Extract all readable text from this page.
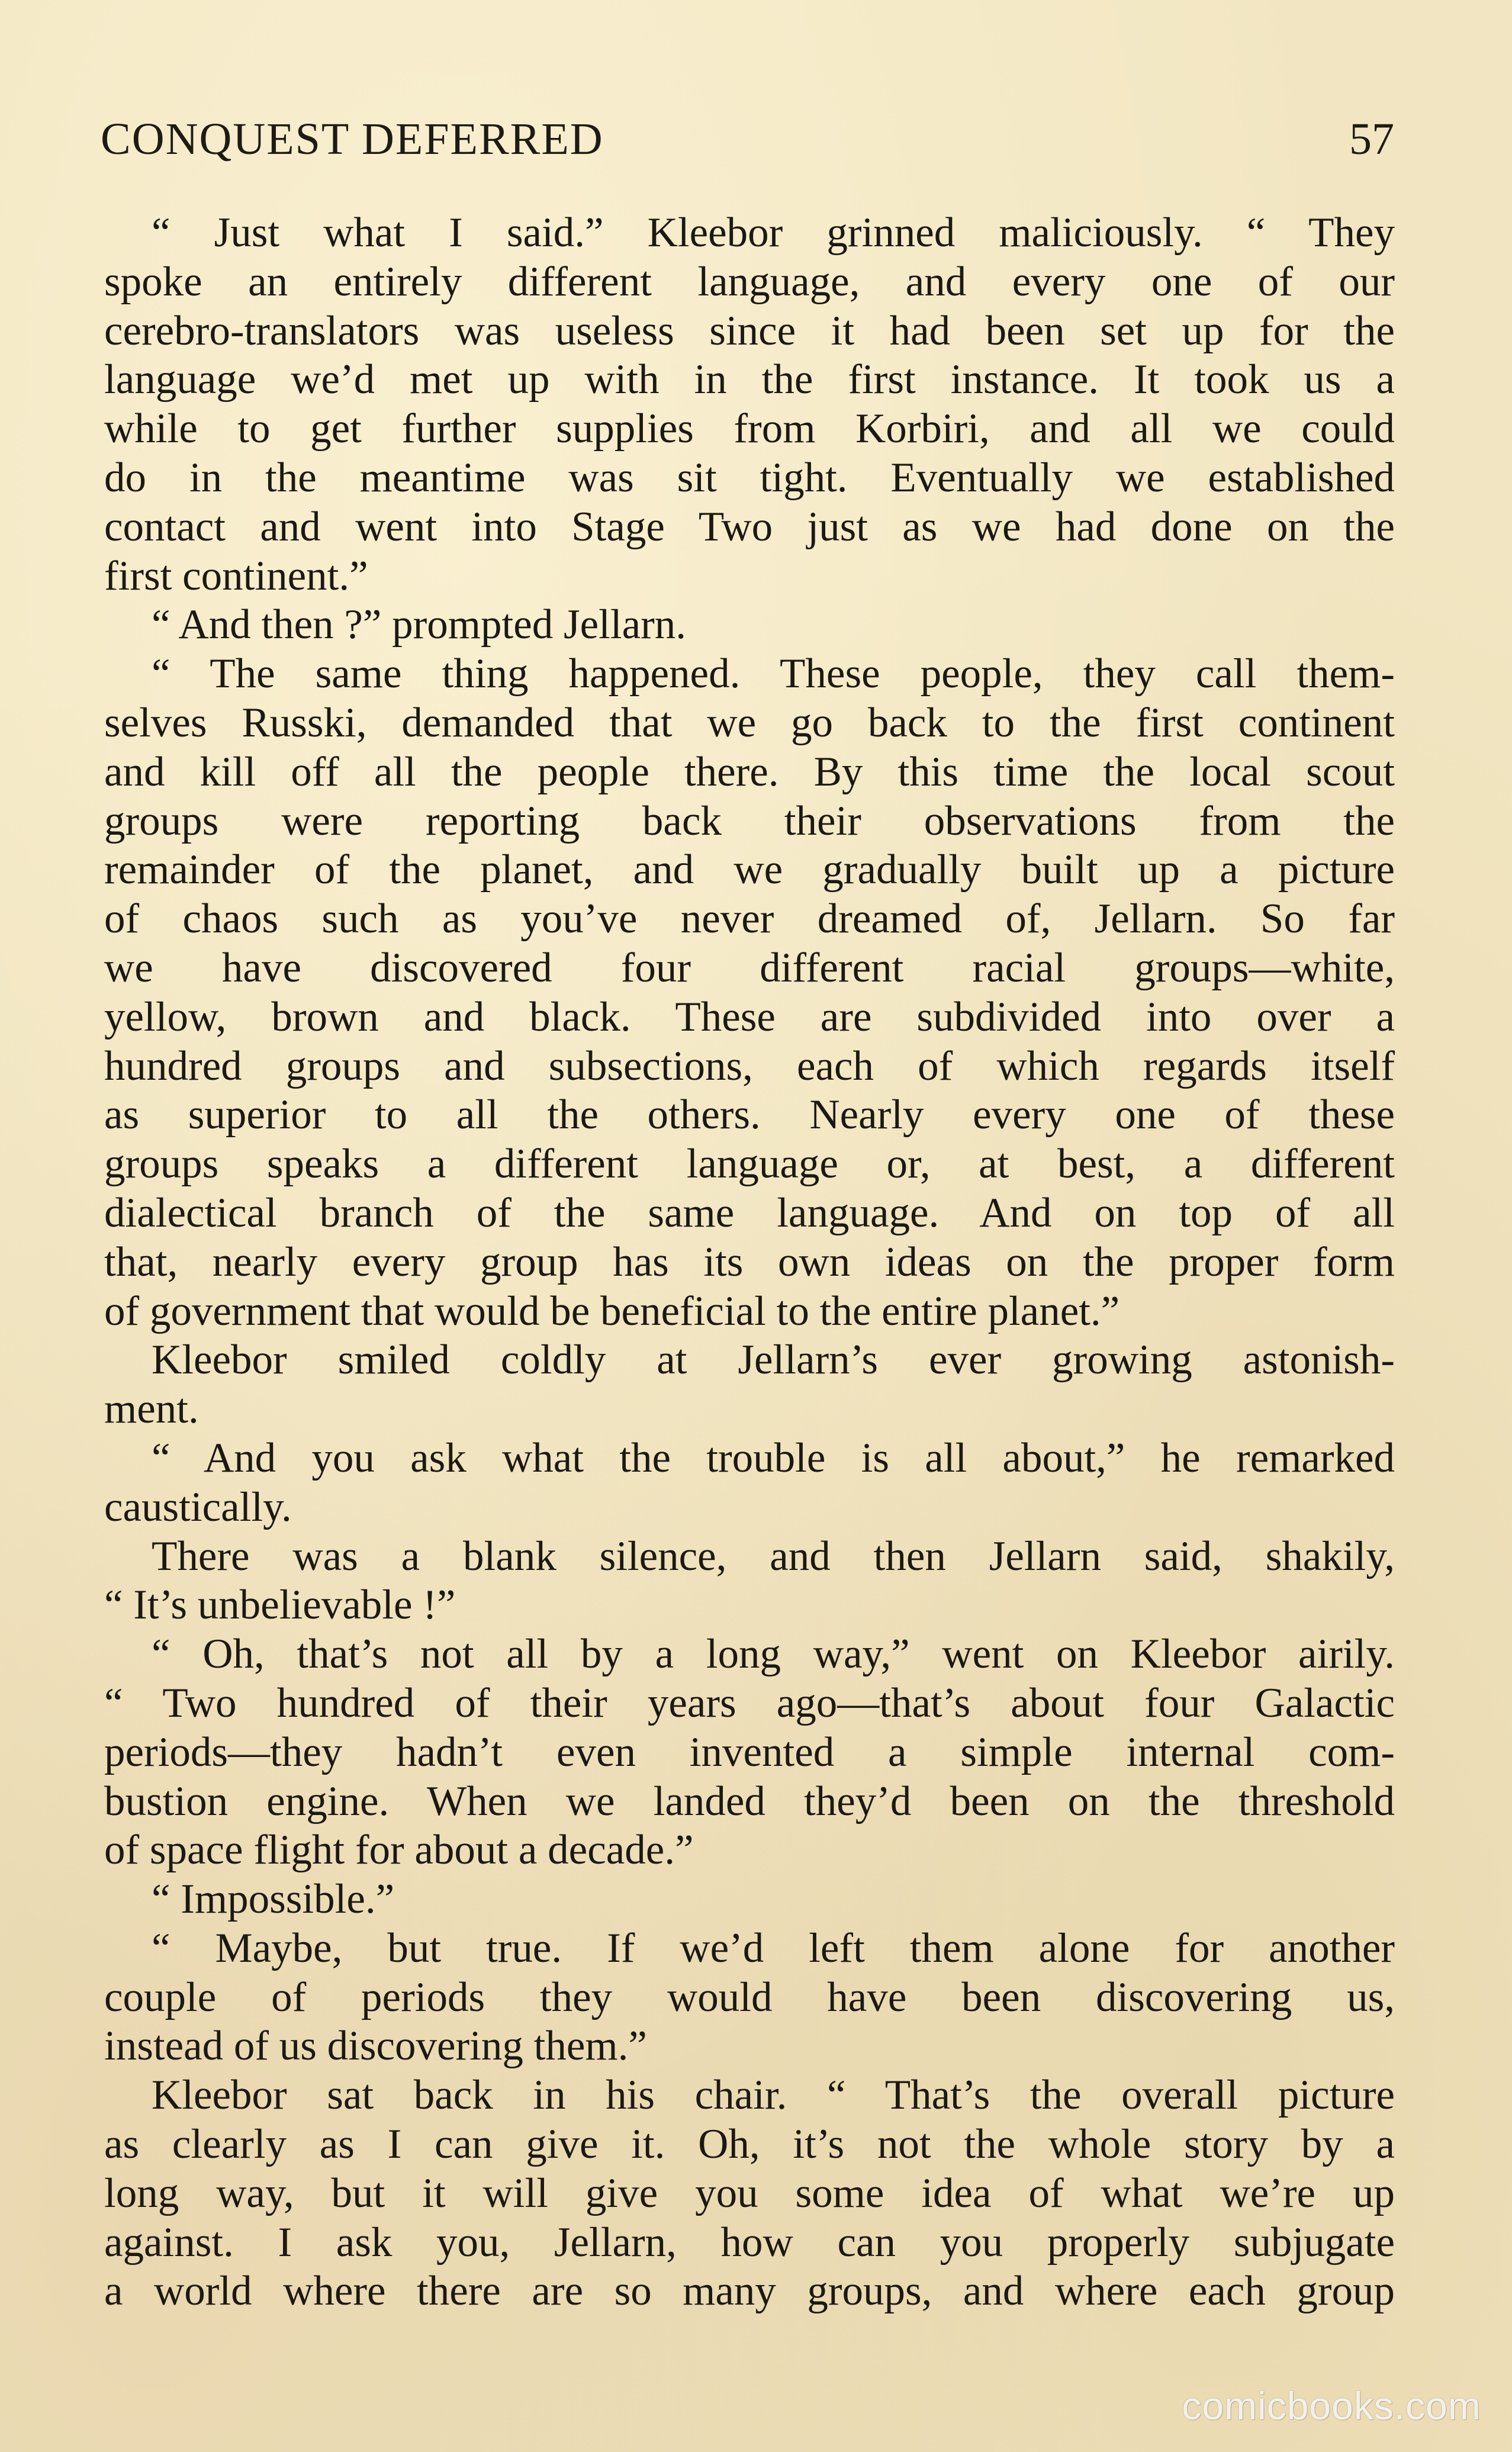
CONQUEST DEFERRED	57
“ Just what I said.” Kleebor grinned maliciously. “ They
spoke an entirely different language, and every one of our
cerebro-translators was useless since it had been set up for the
language we’d met up with in the first instance. It took us a
while to get further supplies from Korbiri, and all we could
do in the meantime was sit tight. Eventually we established
contact and went into Stage Two just as we had done on the
first continent.”
“ And then ?” prompted Jellarn.
“ The same thing happened. These people, they call them-
selves Russki, demanded that we go back to the first continent
and kill off all the people there. By this time the local scout
groups were reporting back their observations from the
remainder of the planet, and we gradually built up a picture
of chaos such as you’ve never dreamed of, Jellarn. So far
we have discovered four different racial groups—white,
yellow, brown and black. These are subdivided into over a
hundred groups and subsections, each of which regards itself
as superior to all the others. Nearly every one of these
groups speaks a different language or, at best, a different
dialectical branch of the same language. And on top of all
that, nearly every group has its own ideas on the proper form
of government that would be beneficial to the entire planet.”
Kleebor smiled coldly at Jellarn’s ever growing astonish-
ment.
“ And you ask what the trouble is all about,” he remarked
caustically.
There was a blank silence, and then Jellarn said, shakily,
“ It’s unbelievable !”
“ Oh, that’s not all by a long way,” went on Kleebor airily.
“ Two hundred of their years ago—that’s about four Galactic
periods—they hadn’t even invented a simple internal com-
bustion engine. When we landed they’d been on the threshold
of space flight for about a decade.”
“ Impossible.”
“ Maybe, but true. If we’d left them alone for another
couple of periods they would have been discovering us,
instead of us discovering them.”
Kleebor sat back in his chair. “ That’s the overall picture
as clearly as I can give it. Oh, it’s not the whole story by a
long way, but it will give you some idea of what we’re up
against. I ask you, Jellarn, how can you properly subjugate
a world where there are so many groups, and where each group
comicbooks.com
